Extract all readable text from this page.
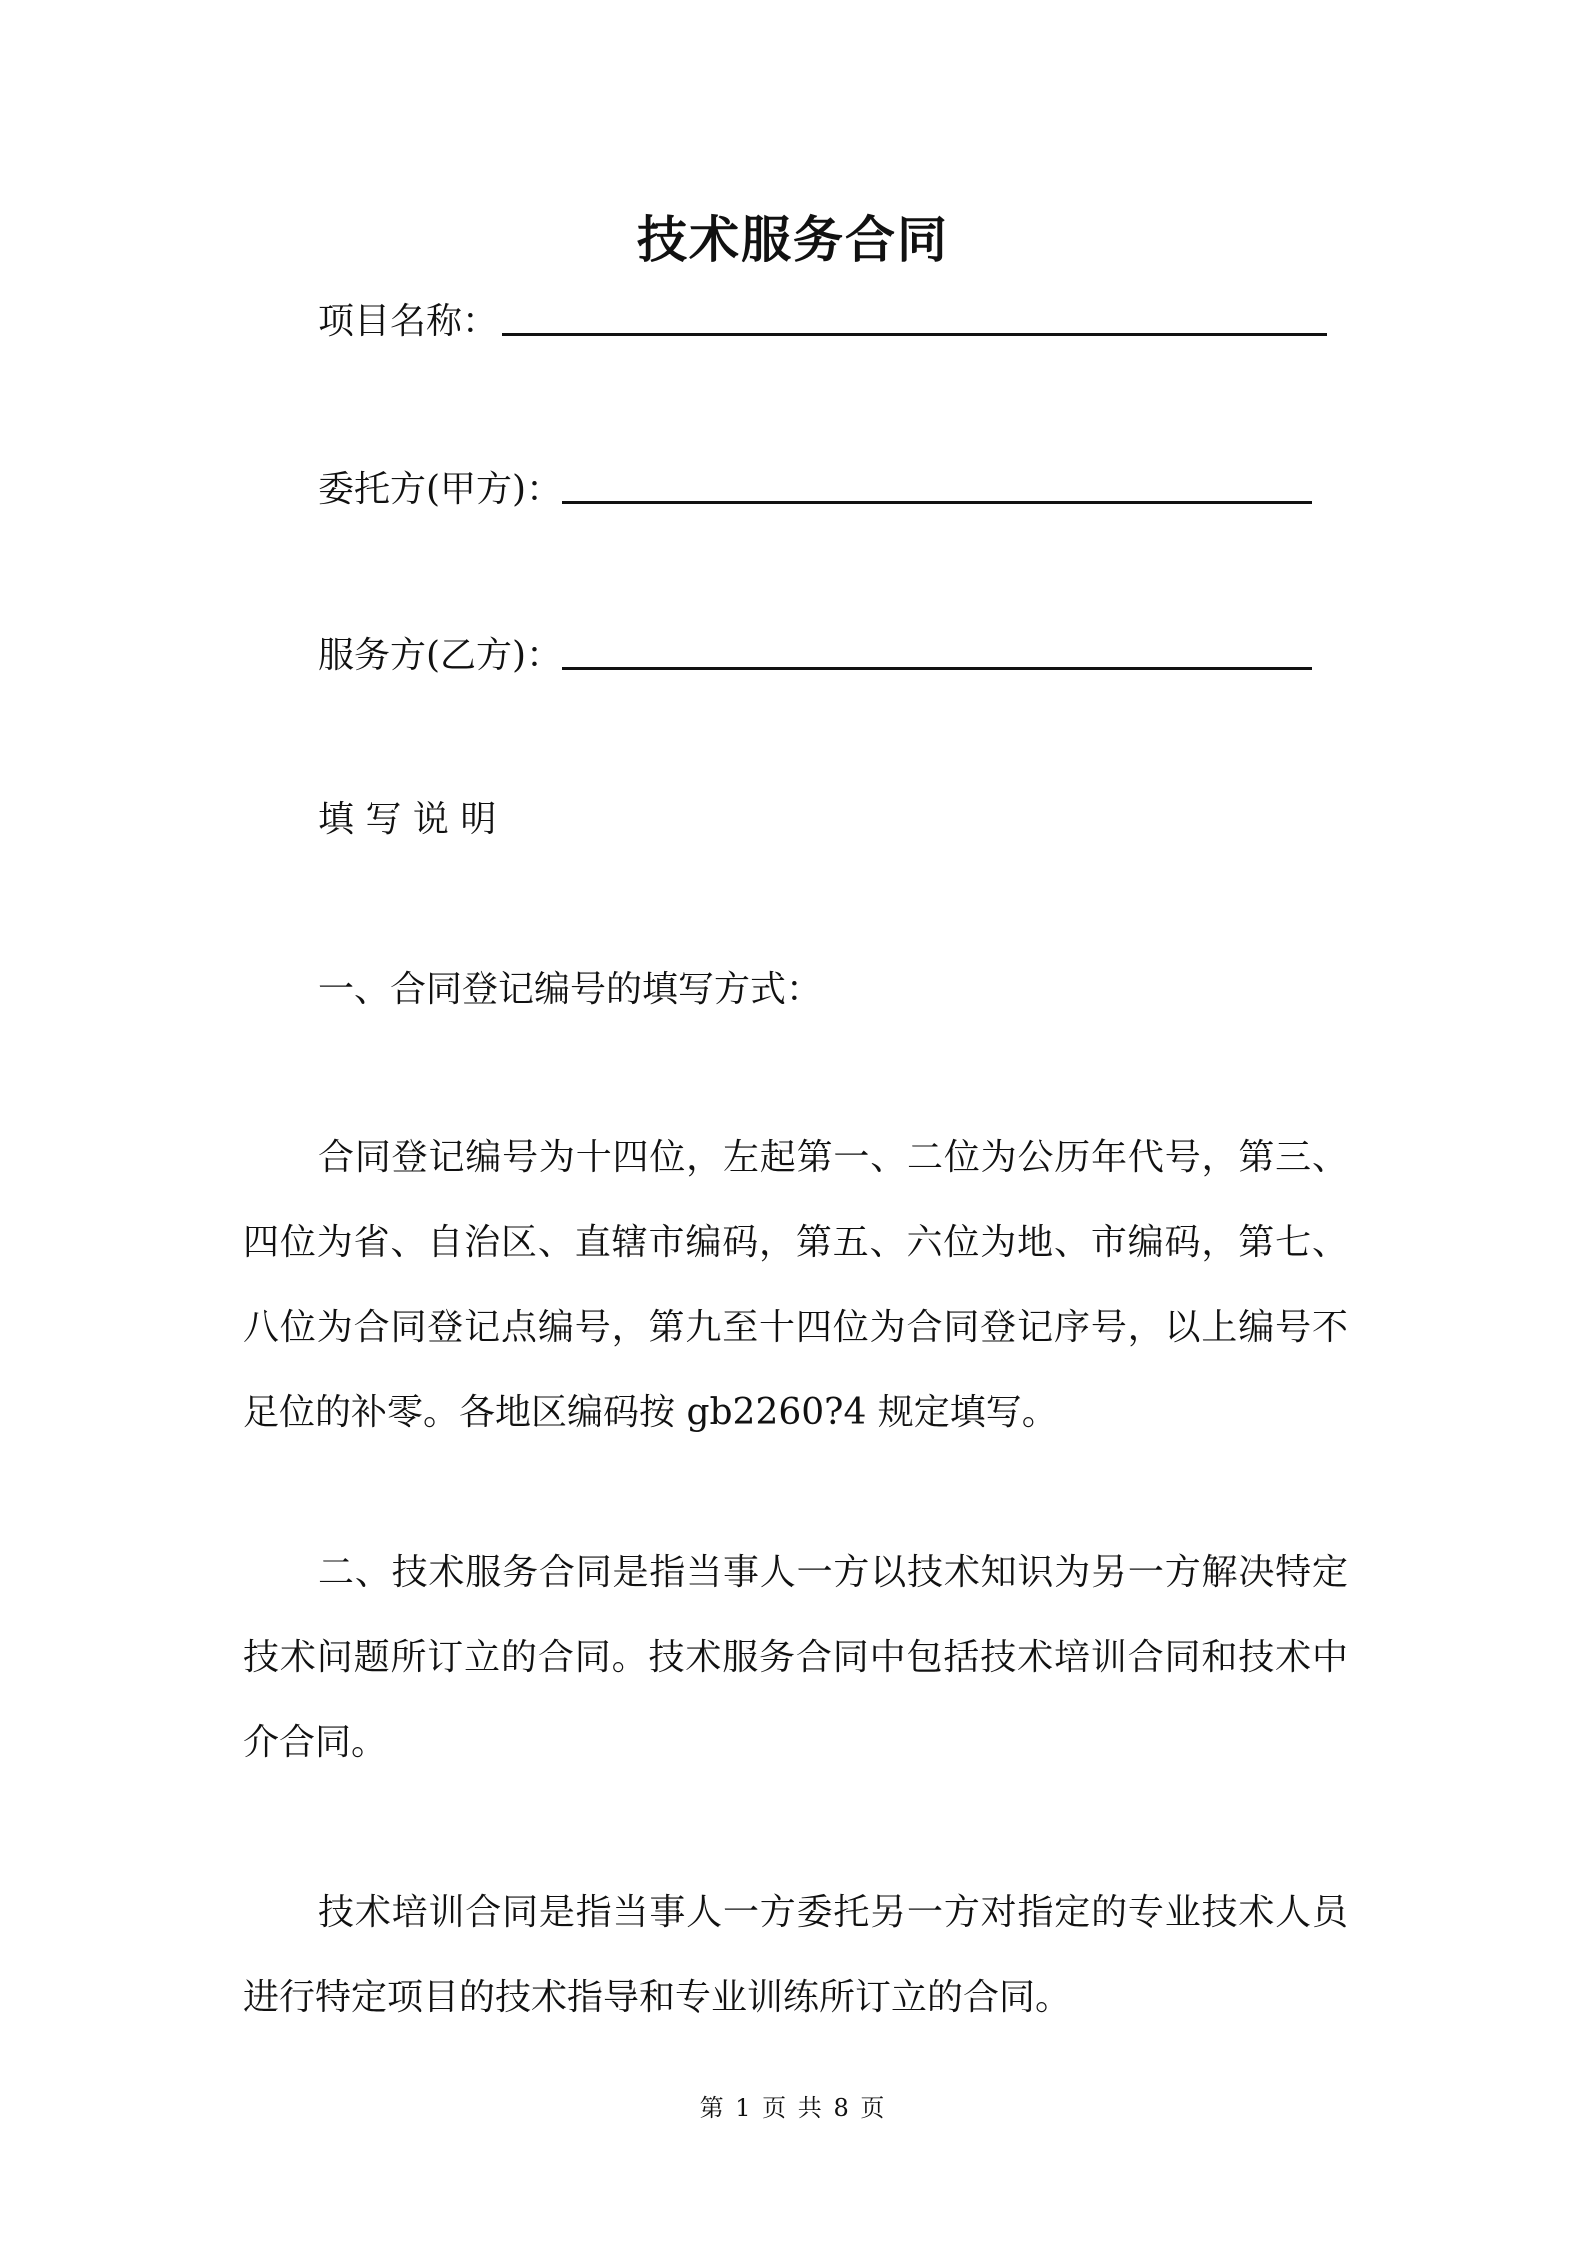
技术服务合同
项目名称：
委托方(甲方)：
服务方(乙方)：
填 写 说 明
一、合同登记编号的填写方式：

合同登记编号为十四位，左起第一、二位为公历年代号，第三、四位为省、自治区、直辖市编码，第五、六位为地、市编码，第七、八位为合同登记点编号，第九至十四位为合同登记序号，以上编号不足位的补零。各地区编码按 gb2260?4 规定填写。

二、技术服务合同是指当事人一方以技术知识为另一方解决特定技术问题所订立的合同。技术服务合同中包括技术培训合同和技术中介合同。

技术培训合同是指当事人一方委托另一方对指定的专业技术人员进行特定项目的技术指导和专业训练所订立的合同。

第 1 页 共 8 页
